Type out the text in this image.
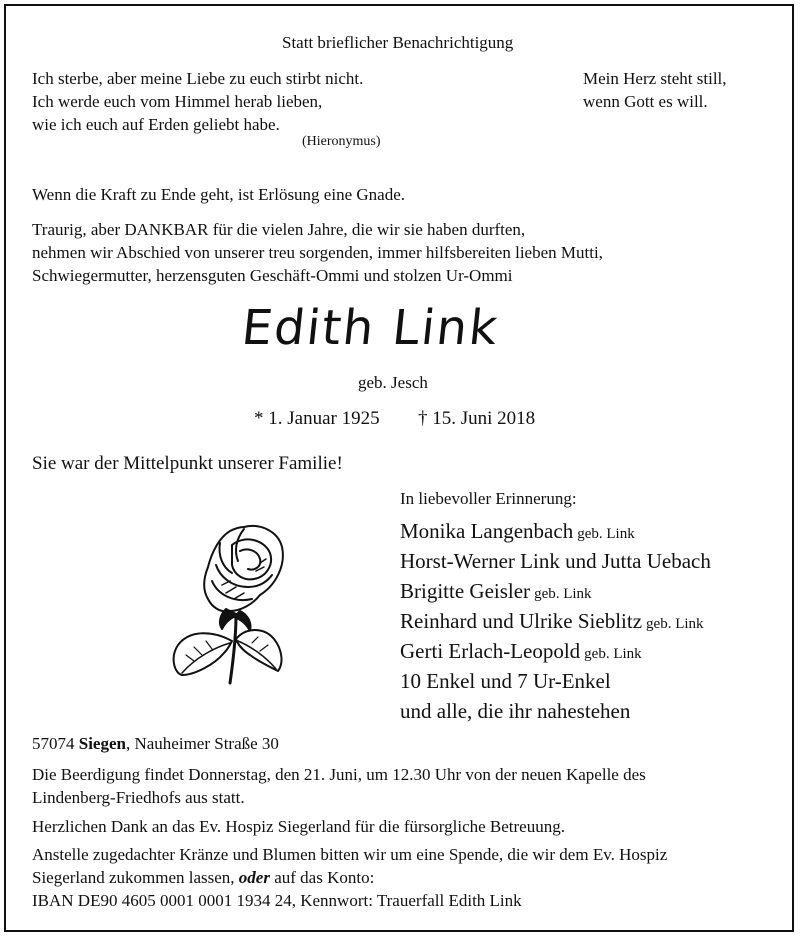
Statt brieflicher Benachrichtigung
Ich sterbe, aber meine Liebe zu euch stirbt nicht.
Ich werde euch vom Himmel herab lieben,
wie ich euch auf Erden geliebt habe.
(Hieronymus)
Mein Herz steht still,
wenn Gott es will.
Wenn die Kraft zu Ende geht, ist Erlösung eine Gnade.
Traurig, aber DANKBAR für die vielen Jahre, die wir sie haben durften,
nehmen wir Abschied von unserer treu sorgenden, immer hilfsbereiten lieben Mutti,
Schwiegermutter, herzensguten Geschäft-Ommi und stolzen Ur-Ommi
Edith Link
geb. Jesch
* 1. Januar 1925 † 15. Juni 2018
Sie war der Mittelpunkt unserer Familie!
In liebevoller Erinnerung:
Monika Langenbach geb. Link
Horst-Werner Link und Jutta Uebach
Brigitte Geisler geb. Link
Reinhard und Ulrike Sieblitz geb. Link
Gerti Erlach-Leopold geb. Link
10 Enkel und 7 Ur-Enkel
und alle, die ihr nahestehen
57074 Siegen, Nauheimer Straße 30
Die Beerdigung findet Donnerstag, den 21. Juni, um 12.30 Uhr von der neuen Kapelle des
Lindenberg-Friedhofs aus statt.
Herzlichen Dank an das Ev. Hospiz Siegerland für die fürsorgliche Betreuung.
Anstelle zugedachter Kränze und Blumen bitten wir um eine Spende, die wir dem Ev. Hospiz
Siegerland zukommen lassen, oder auf das Konto:
IBAN DE90 4605 0001 0001 1934 24, Kennwort: Trauerfall Edith Link
